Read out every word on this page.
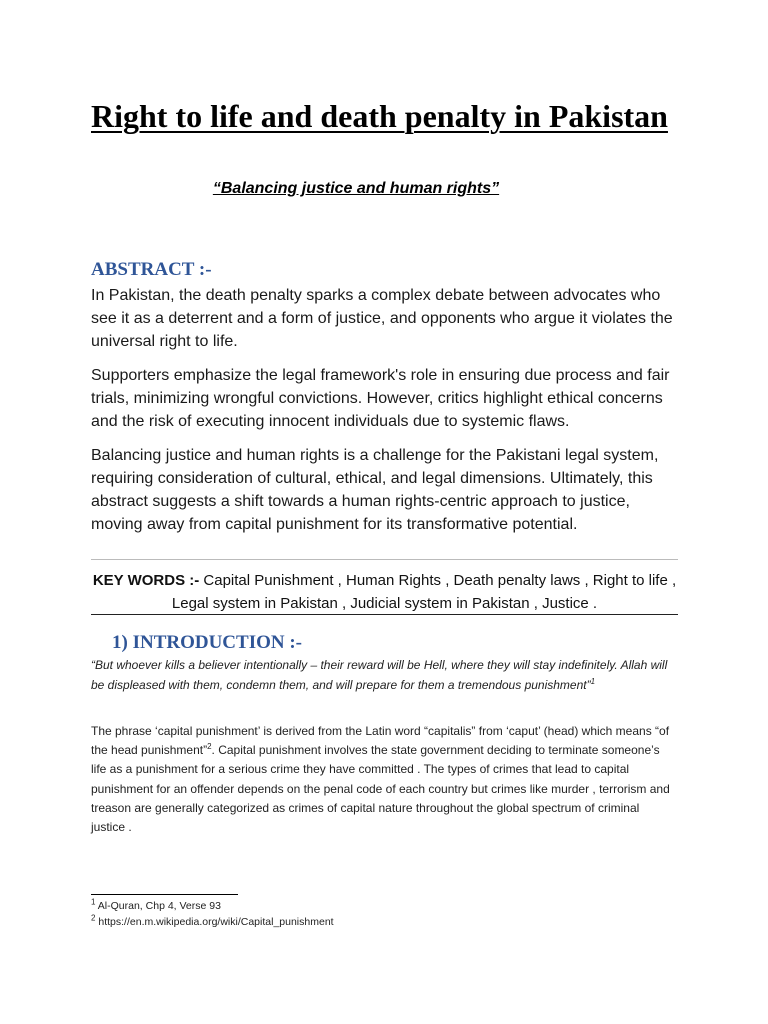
Right to life and death penalty in Pakistan

“Balancing justice and human rights”

ABSTRACT :-

In Pakistan, the death penalty sparks a complex debate between advocates who see it as a deterrent and a form of justice, and opponents who argue it violates the universal right to life.

Supporters emphasize the legal framework's role in ensuring due process and fair trials, minimizing wrongful convictions. However, critics highlight ethical concerns and the risk of executing innocent individuals due to systemic flaws.

Balancing justice and human rights is a challenge for the Pakistani legal system, requiring consideration of cultural, ethical, and legal dimensions. Ultimately, this abstract suggests a shift towards a human rights-centric approach to justice, moving away from capital punishment for its transformative potential.

KEY WORDS :- Capital Punishment , Human Rights , Death penalty laws , Right to life , Legal system in Pakistan , Judicial system in Pakistan , Justice .
1) INTRODUCTION :-

“But whoever kills a believer intentionally – their reward will be Hell, where they will stay indefinitely. Allah will be displeased with them, condemn them, and will prepare for them a tremendous punishment”$^1$

The phrase ‘capital punishment’ is derived from the Latin word “capitalis” from ‘caput’ (head) which means “of the head punishment”$^2$. Capital punishment involves the state government deciding to terminate someone’s life as a punishment for a serious crime they have committed . The types of crimes that lead to capital punishment for an offender depends on the penal code of each country but crimes like murder , terrorism and treason are generally categorized as crimes of capital nature throughout the global spectrum of criminal justice .

$^1$ Al-Quran, Chp 4, Verse 93
$^2$ https://en.m.wikipedia.org/wiki/Capital_punishment
